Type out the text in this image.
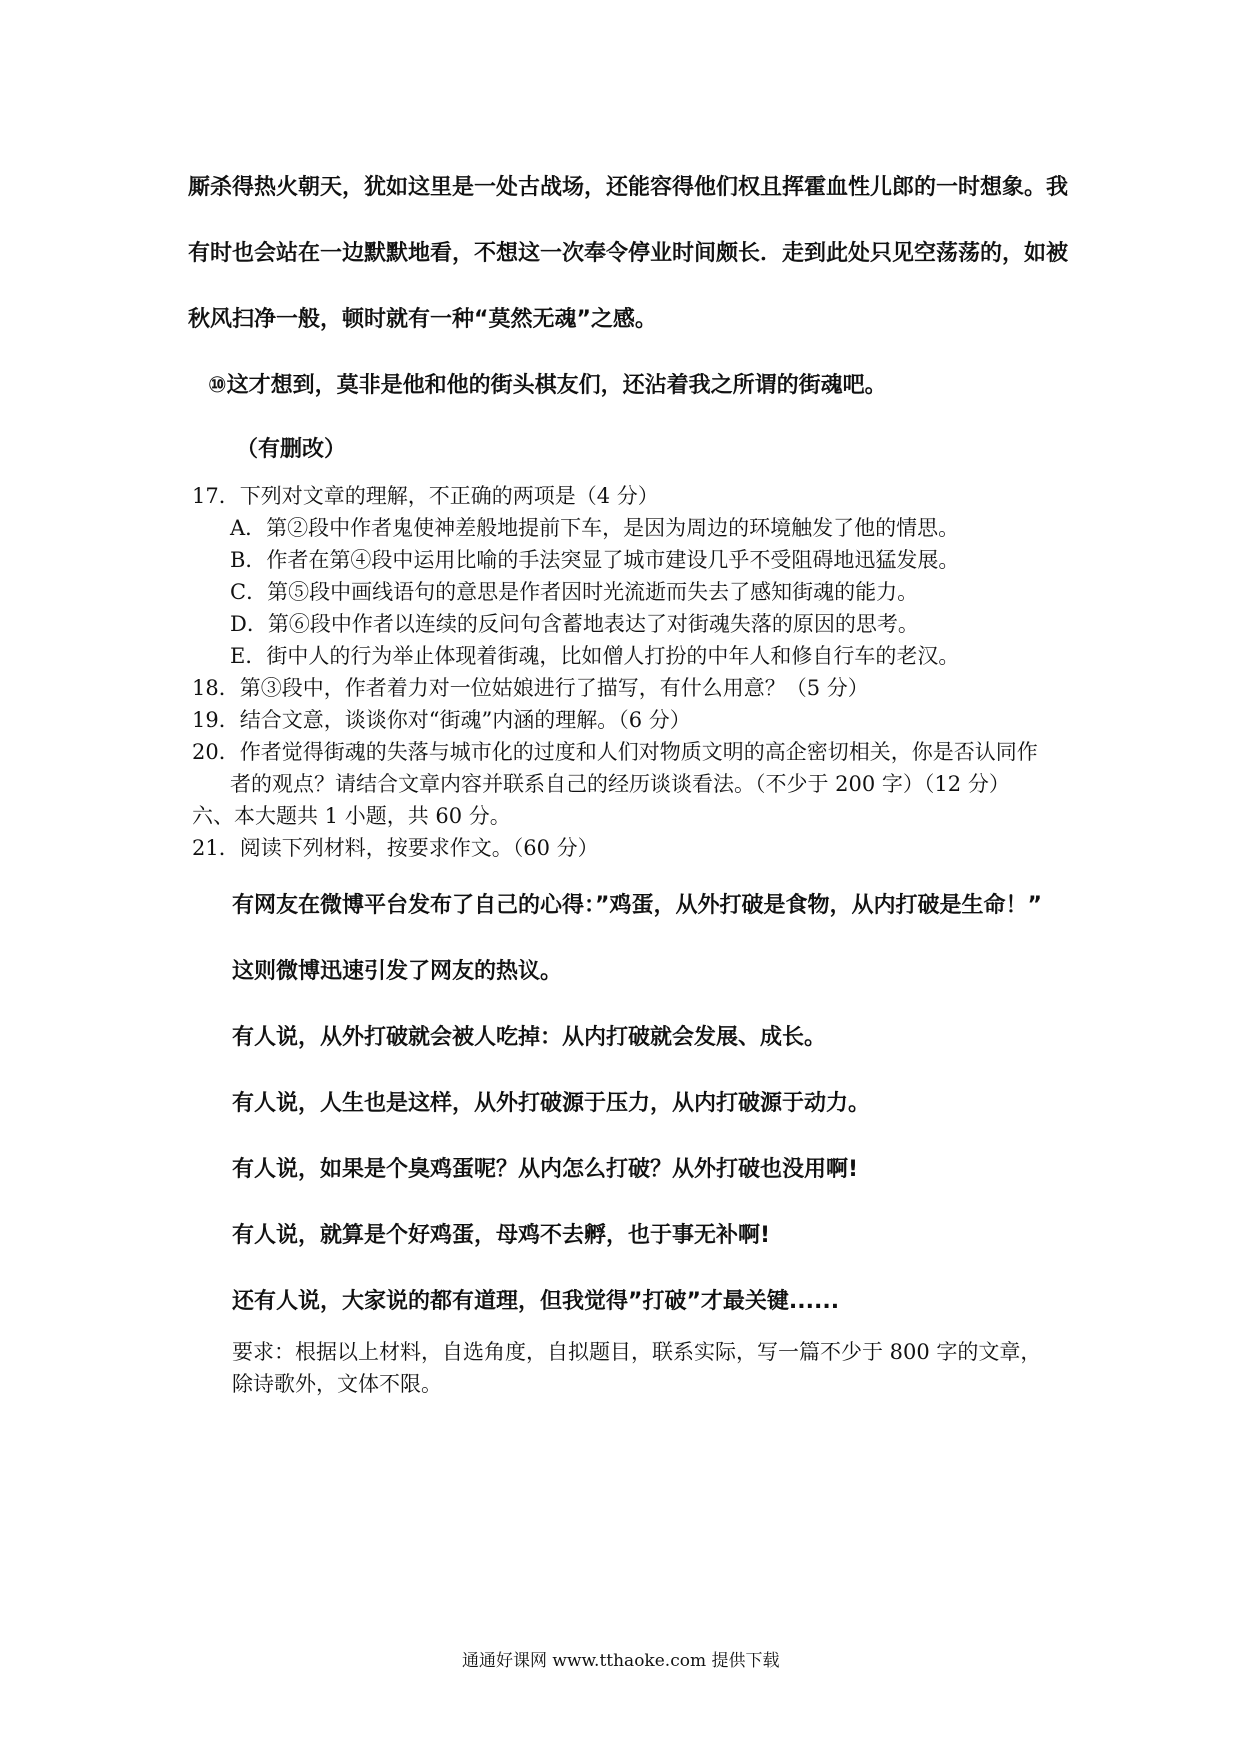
厮杀得热火朝天，犹如这里是一处古战场，还能容得他们权且挥霍血性儿郎的一时想象。我
有时也会站在一边默默地看，不想这一次奉令停业时间颇长．走到此处只见空荡荡的，如被
秋风扫净一般，顿时就有一种“莫然无魂”之感。
⑩这才想到，莫非是他和他的街头棋友们，还沾着我之所谓的街魂吧。
（有删改）
17．下列对文章的理解，不正确的两项是（4 分）
A．第②段中作者鬼使神差般地提前下车，是因为周边的环境触发了他的情思。
B．作者在第④段中运用比喻的手法突显了城市建设几乎不受阻碍地迅猛发展。
C．第⑤段中画线语句的意思是作者因时光流逝而失去了感知街魂的能力。
D．第⑥段中作者以连续的反问句含蓄地表达了对街魂失落的原因的思考。
E．街中人的行为举止体现着街魂，比如僧人打扮的中年人和修自行车的老汉。
18．第③段中，作者着力对一位姑娘进行了描写，有什么用意？（5 分）
19．结合文意，谈谈你对“街魂”内涵的理解。（6 分）
20．作者觉得街魂的失落与城市化的过度和人们对物质文明的高企密切相关，你是否认同作
者的观点？请结合文章内容并联系自己的经历谈谈看法。（不少于 200 字）（12 分）
六、本大题共 1 小题，共 60 分。
21．阅读下列材料，按要求作文。（60 分）
有网友在微博平台发布了自己的心得：”鸡蛋，从外打破是食物，从内打破是生命！”
这则微博迅速引发了网友的热议。
有人说，从外打破就会被人吃掉：从内打破就会发展、成长。
有人说，人生也是这样，从外打破源于压力，从内打破源于动力。
有人说，如果是个臭鸡蛋呢？从内怎么打破？从外打破也没用啊!
有人说，就算是个好鸡蛋，母鸡不去孵，也于事无补啊!
还有人说，大家说的都有道理，但我觉得”打破”才最关键......
要求：根据以上材料，自选角度，自拟题目，联系实际，写一篇不少于 800 字的文章，
除诗歌外，文体不限。
通通好课网 www.tthaoke.com 提供下载
